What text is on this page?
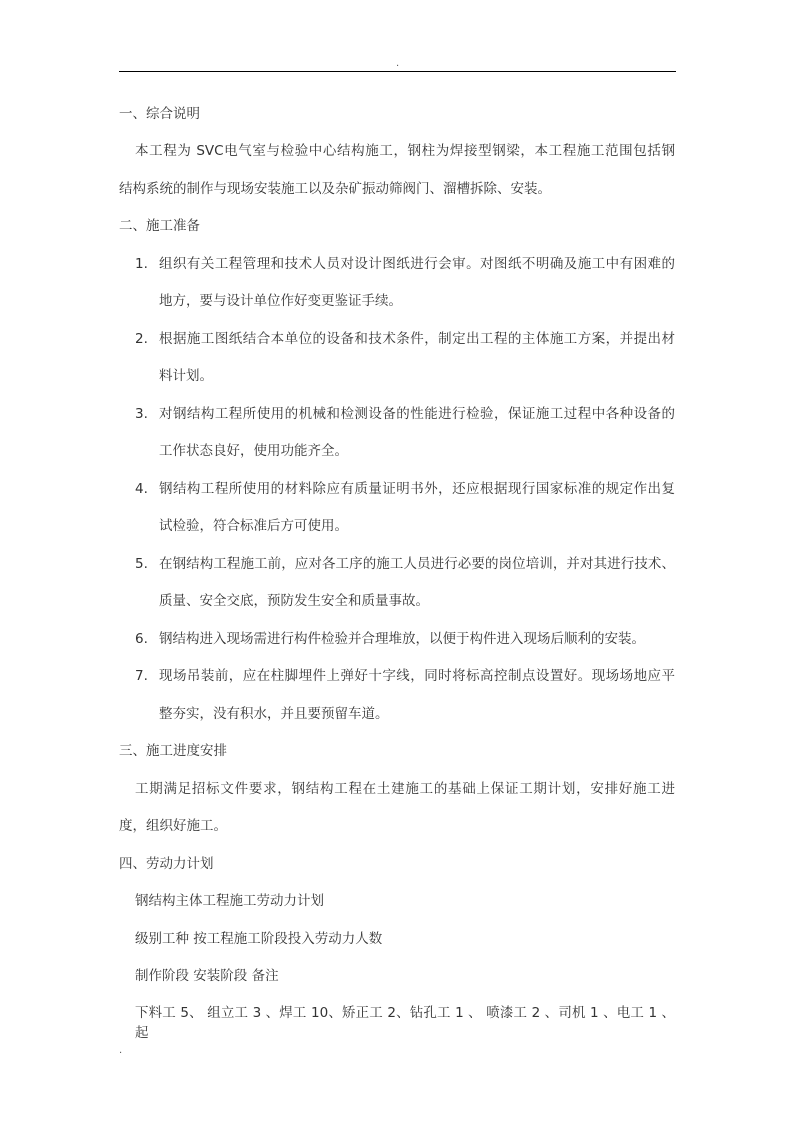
.
一、综合说明
本工程为 SVC电气室与检验中心结构施工，钢柱为焊接型钢梁，本工程施工范围包括钢
结构系统的制作与现场安装施工以及杂矿振动筛阀门、溜槽拆除、安装。
二、施工准备
1. 组织有关工程管理和技术人员对设计图纸进行会审。对图纸不明确及施工中有困难的
地方，要与设计单位作好变更鉴证手续。
2. 根据施工图纸结合本单位的设备和技术条件，制定出工程的主体施工方案，并提出材
料计划。
3. 对钢结构工程所使用的机械和检测设备的性能进行检验，保证施工过程中各种设备的
工作状态良好，使用功能齐全。
4. 钢结构工程所使用的材料除应有质量证明书外，还应根据现行国家标准的规定作出复
试检验，符合标准后方可使用。
5. 在钢结构工程施工前，应对各工序的施工人员进行必要的岗位培训，并对其进行技术、
质量、安全交底，预防发生安全和质量事故。
6. 钢结构进入现场需进行构件检验并合理堆放，以便于构件进入现场后顺利的安装。
7. 现场吊装前，应在柱脚埋件上弹好十字线，同时将标高控制点设置好。现场场地应平
整夯实，没有积水，并且要预留车道。
三、施工进度安排
工期满足招标文件要求，钢结构工程在土建施工的基础上保证工期计划，安排好施工进
度，组织好施工。
四、劳动力计划
钢结构主体工程施工劳动力计划
级别工种 按工程施工阶段投入劳动力人数
制作阶段 安装阶段 备注
下料工 5、 组立工 3 、焊工 10、矫正工 2、钻孔工 1 、 喷漆工 2 、司机 1 、电工 1 、起
.
